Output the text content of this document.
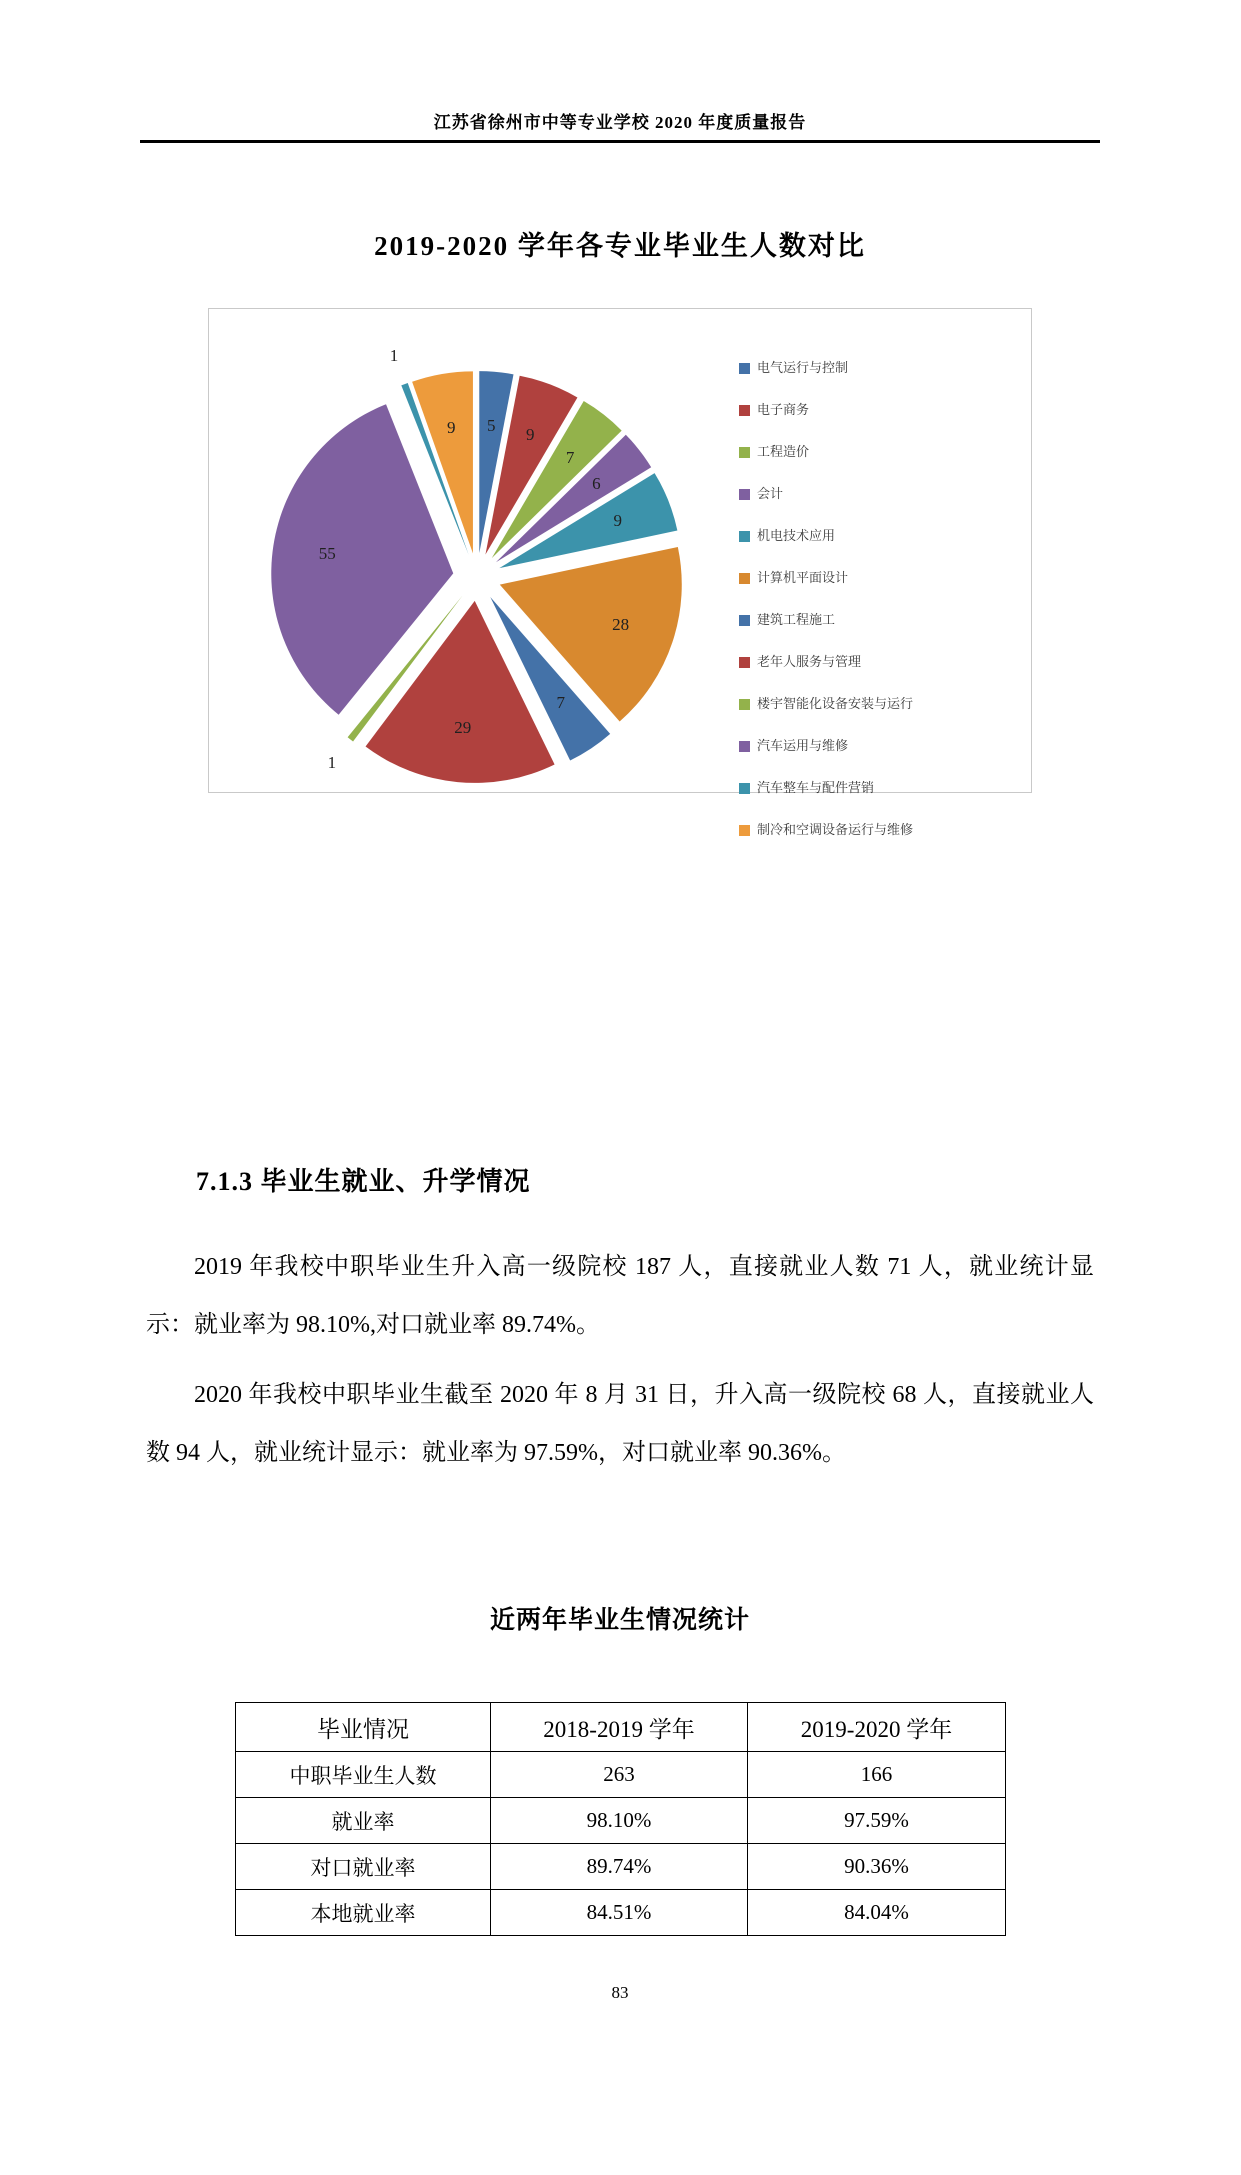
江苏省徐州市中等专业学校 2020 年度质量报告
2019-2020 学年各专业毕业生人数对比
5 9
7
6
9
28
7
29
1
55
1
9
电气运行与控制
电子商务
工程造价
会计
机电技术应用
计算机平面设计
建筑工程施工
老年人服务与管理
楼宇智能化设备安装与运行
汽车运用与维修
汽车整车与配件营销
制冷和空调设备运行与维修
7.1.3 毕业生就业、升学情况
2019 年我校中职毕业生升入高一级院校 187 人，直接就业人数 71 人，就业统计显示：就业率为 98.10%,对口就业率 89.74%。
2020 年我校中职毕业生截至 2020 年 8 月 31 日，升入高一级院校 68 人，直接就业人数 94 人，就业统计显示：就业率为 97.59%，对口就业率 90.36%。
近两年毕业生情况统计
毕业情况	2018-2019 学年	2019-2020 学年
中职毕业生人数	263	166
就业率	98.10%	97.59%
对口就业率	89.74%	90.36%
本地就业率	84.51%	84.04%
83
